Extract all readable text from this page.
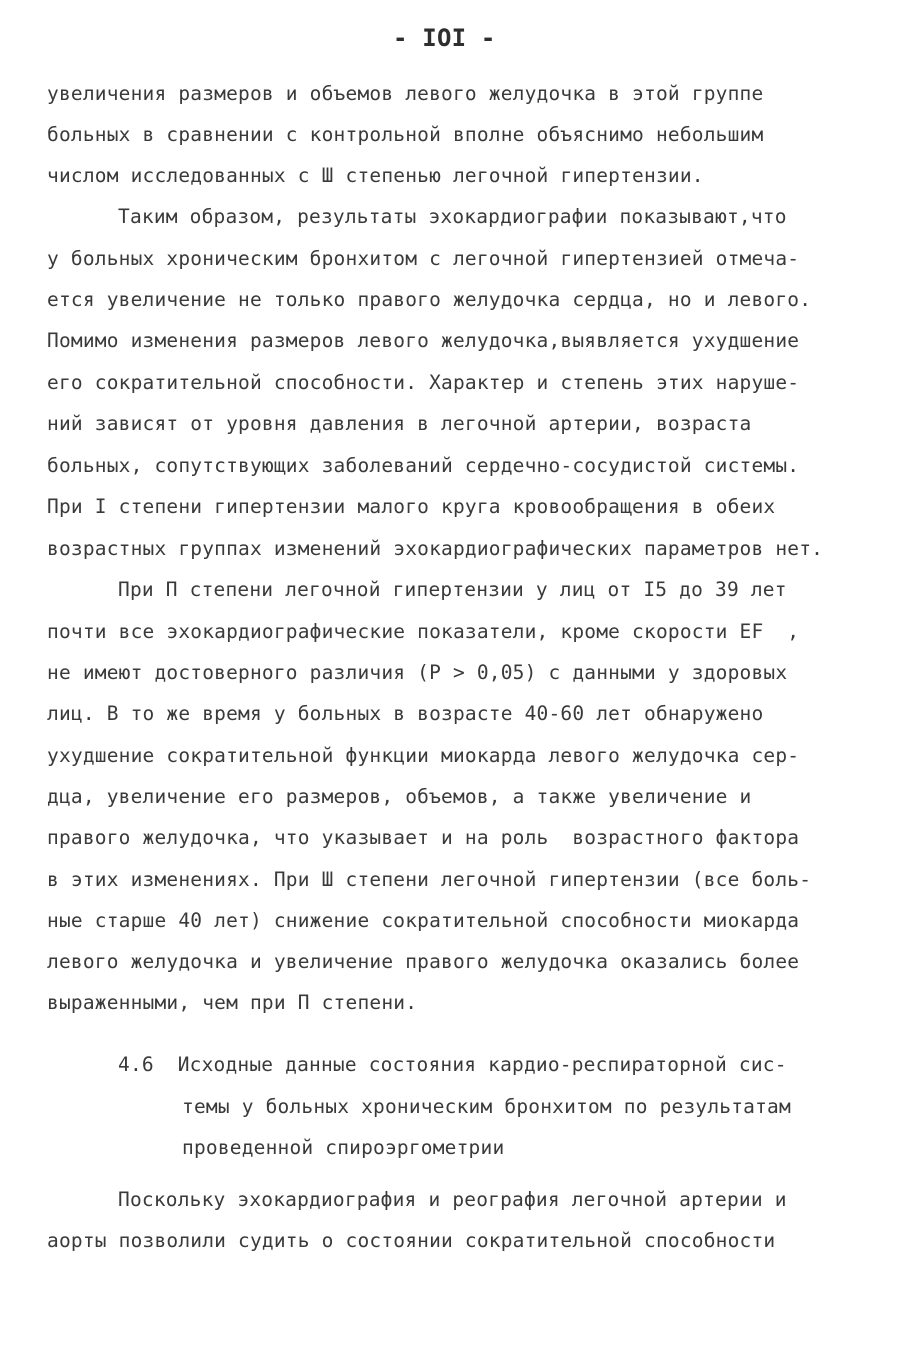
- IOI -
увеличения размеров и объемов левого желудочка в этой группе
больных в сравнении с контрольной вполне объяснимо небольшим
числом исследованных с Ш степенью легочной гипертензии.
Таким образом, результаты эхокардиографии показывают,что
у больных хроническим бронхитом с легочной гипертензией отмеча-
ется увеличение не только правого желудочка сердца, но и левого.
Помимо изменения размеров левого желудочка,выявляется ухудшение
его сократительной способности. Характер и степень этих наруше-
ний зависят от уровня давления в легочной артерии, возраста
больных, сопутствующих заболеваний сердечно-сосудистой системы.
При I степени гипертензии малого круга кровообращения в обеих
возрастных группах изменений эхокардиографических параметров нет.
При П степени легочной гипертензии у лиц от I5 до 39 лет
почти все эхокардиографические показатели, кроме скорости EF  ,
не имеют достоверного различия (Р > 0,05) с данными у здоровых
лиц. В то же время у больных в возрасте 40-60 лет обнаружено
ухудшение сократительной функции миокарда левого желудочка сер-
дца, увеличение его размеров, объемов, а также увеличение и
правого желудочка, что указывает и на роль  возрастного фактора
в этих изменениях. При Ш степени легочной гипертензии (все боль-
ные старше 40 лет) снижение сократительной способности миокарда
левого желудочка и увеличение правого желудочка оказались более
выраженными, чем при П степени.
4.6  Исходные данные состояния кардио-респираторной сис-
темы у больных хроническим бронхитом по результатам
проведенной спироэргометрии
Поскольку эхокардиография и реография легочной артерии и
аорты позволили судить о состоянии сократительной способности
